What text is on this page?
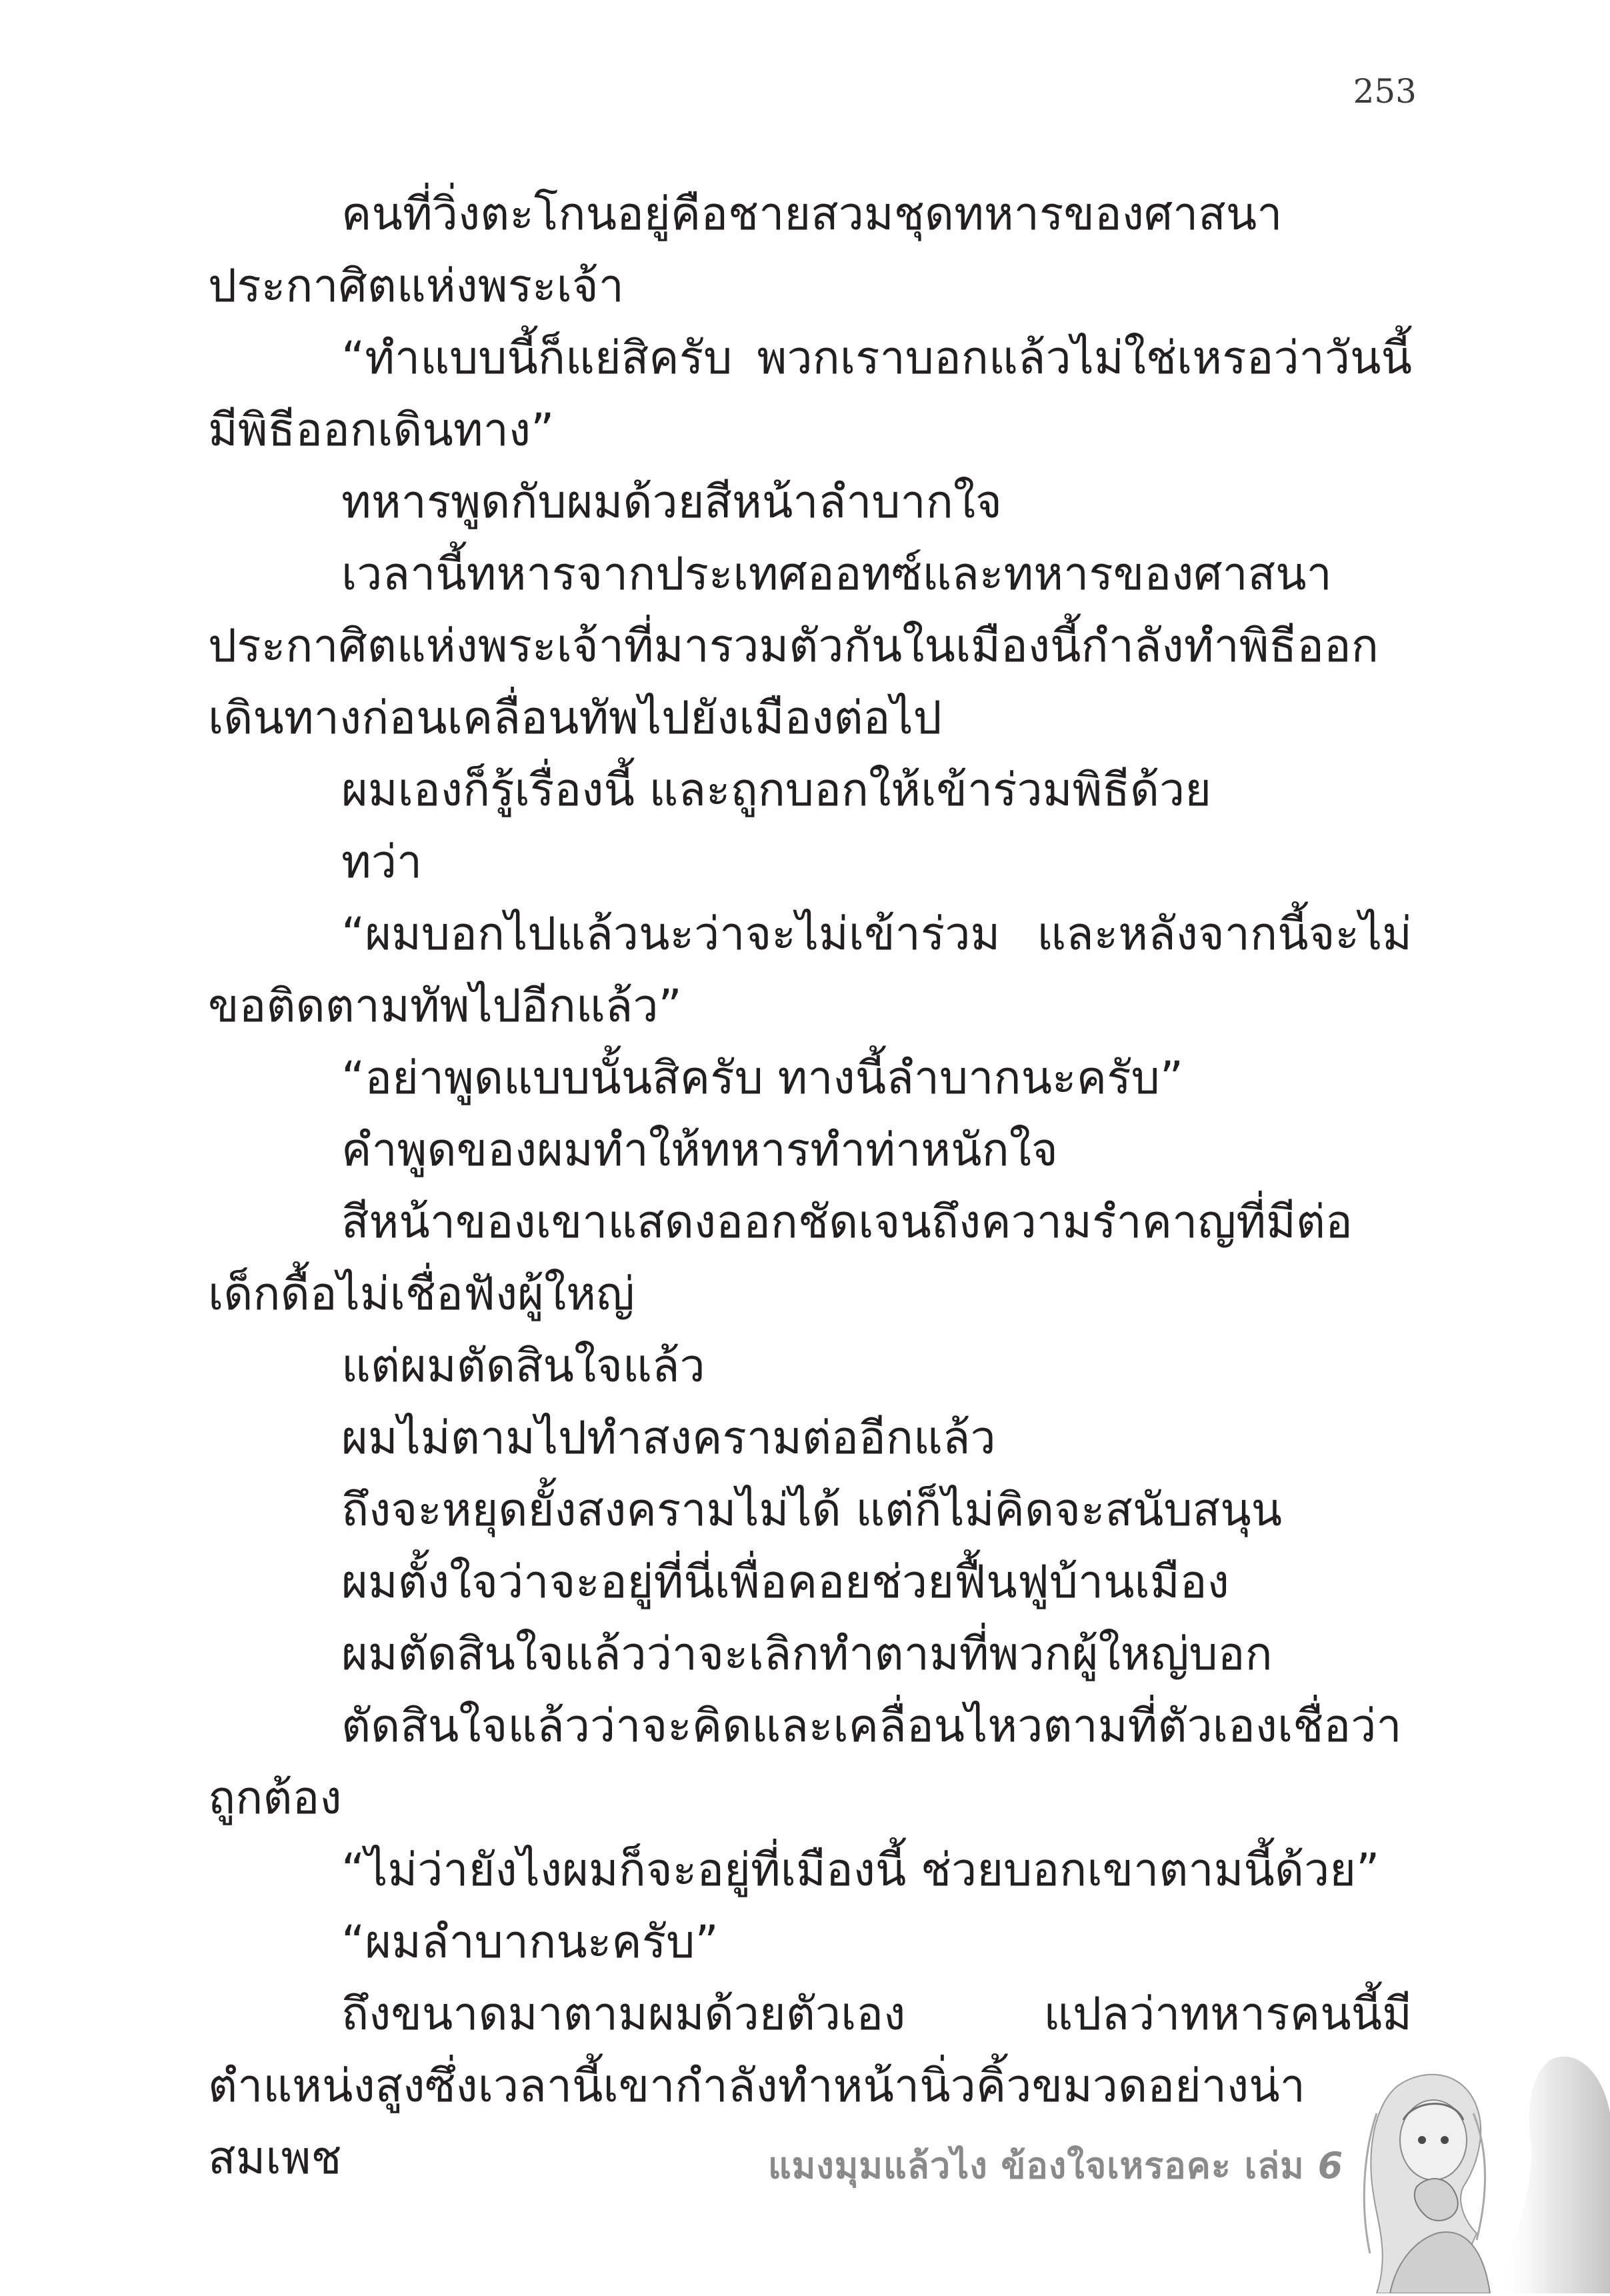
253

คนที่วิ่งตะโกนอยู่คือชายสวมชุดทหารของศาสนาประกาศิตแห่งพระเจ้า

“ทำแบบนี้ก็แย่สิครับ พวกเราบอกแล้วไม่ใช่เหรอว่าวันนี้มีพิธีออกเดินทาง”

ทหารพูดกับผมด้วยสีหน้าลำบากใจ

เวลานี้ทหารจากประเทศออทซ์และทหารของศาสนาประกาศิตแห่งพระเจ้าที่มารวมตัวกันในเมืองนี้กำลังทำพิธีออกเดินทางก่อนเคลื่อนทัพไปยังเมืองต่อไป

ผมเองก็รู้เรื่องนี้ และถูกบอกให้เข้าร่วมพิธีด้วย

ทว่า

“ผมบอกไปแล้วนะว่าจะไม่เข้าร่วม และหลังจากนี้จะไม่ขอติดตามทัพไปอีกแล้ว”

“อย่าพูดแบบนั้นสิครับ ทางนี้ลำบากนะครับ”

คำพูดของผมทำให้ทหารทำท่าหนักใจ

สีหน้าของเขาแสดงออกชัดเจนถึงความรำคาญที่มีต่อเด็กดื้อไม่เชื่อฟังผู้ใหญ่

แต่ผมตัดสินใจแล้ว

ผมไม่ตามไปทำสงครามต่ออีกแล้ว

ถึงจะหยุดยั้งสงครามไม่ได้ แต่ก็ไม่คิดจะสนับสนุน

ผมตั้งใจว่าจะอยู่ที่นี่เพื่อคอยช่วยฟื้นฟูบ้านเมือง

ผมตัดสินใจแล้วว่าจะเลิกทำตามที่พวกผู้ใหญ่บอก

ตัดสินใจแล้วว่าจะคิดและเคลื่อนไหวตามที่ตัวเองเชื่อว่าถูกต้อง

“ไม่ว่ายังไงผมก็จะอยู่ที่เมืองนี้ ช่วยบอกเขาตามนี้ด้วย”

“ผมลำบากนะครับ”

ถึงขนาดมาตามผมด้วยตัวเอง แปลว่าทหารคนนี้มีตำแหน่งสูงซึ่งเวลานี้เขากำลังทำหน้านิ่วคิ้วขมวดอย่างน่าสมเพช	แมงมุมแล้วไง ข้องใจเหรอคะ เล่ม 6
